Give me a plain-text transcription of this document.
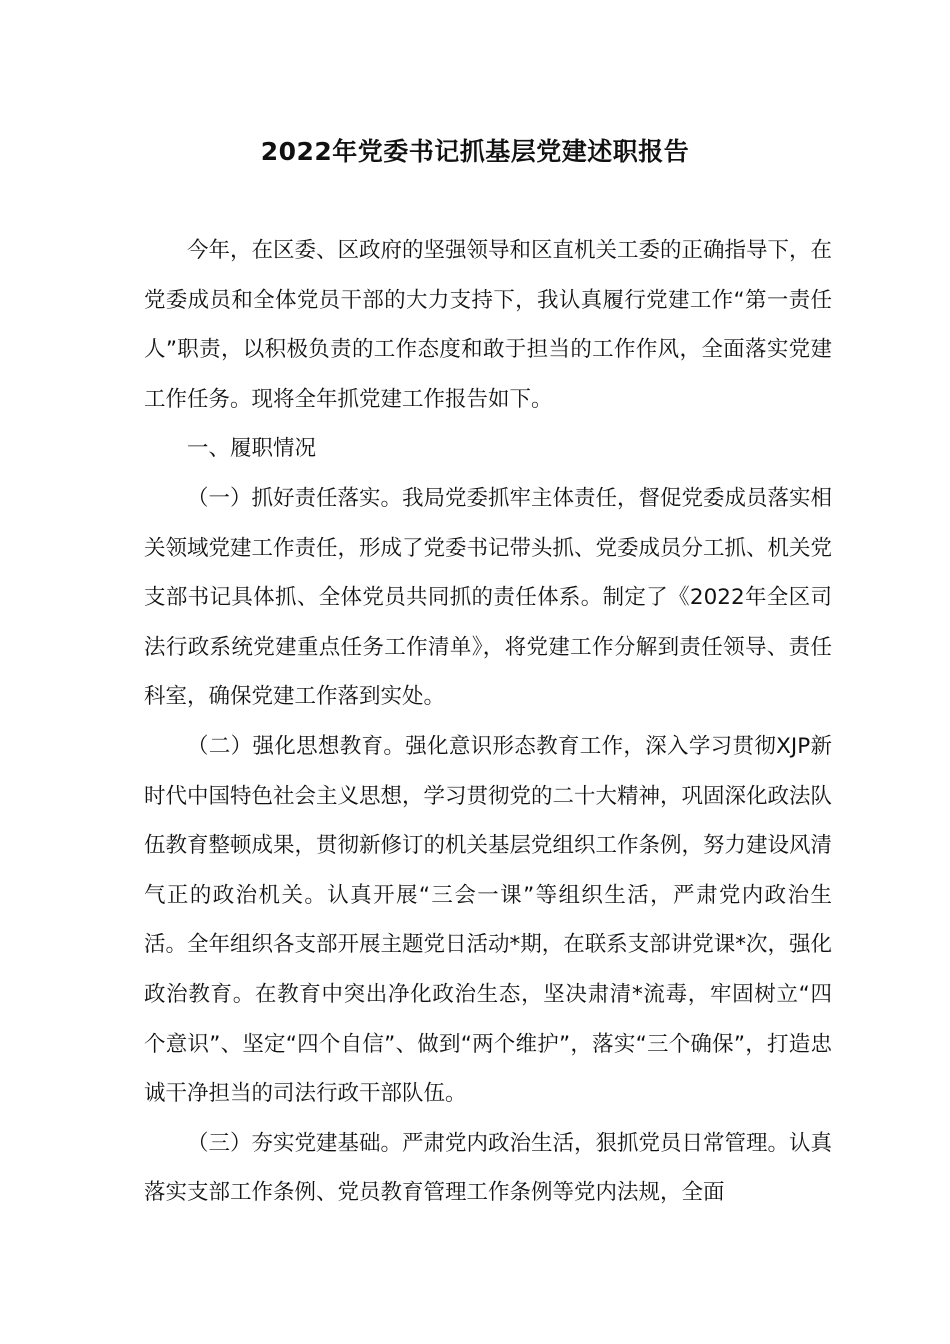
2022年党委书记抓基层党建述职报告

今年，在区委、区政府的坚强领导和区直机关工委的正确指导下，在党委成员和全体党员干部的大力支持下，我认真履行党建工作“第一责任人”职责，以积极负责的工作态度和敢于担当的工作作风，全面落实党建工作任务。现将全年抓党建工作报告如下。

一、履职情况

（一）抓好责任落实。我局党委抓牢主体责任，督促党委成员落实相关领域党建工作责任，形成了党委书记带头抓、党委成员分工抓、机关党支部书记具体抓、全体党员共同抓的责任体系。制定了《2022年全区司法行政系统党建重点任务工作清单》，将党建工作分解到责任领导、责任科室，确保党建工作落到实处。

（二）强化思想教育。强化意识形态教育工作，深入学习贯彻XJP新时代中国特色社会主义思想，学习贯彻党的二十大精神，巩固深化政法队伍教育整顿成果，贯彻新修订的机关基层党组织工作条例，努力建设风清气正的政治机关。认真开展“三会一课”等组织生活，严肃党内政治生活。全年组织各支部开展主题党日活动*期，在联系支部讲党课*次，强化政治教育。在教育中突出净化政治生态，坚决肃清*流毒，牢固树立“四个意识”、坚定“四个自信”、做到“两个维护”，落实“三个确保”，打造忠诚干净担当的司法行政干部队伍。

（三）夯实党建基础。严肃党内政治生活，狠抓党员日常管理。认真落实支部工作条例、党员教育管理工作条例等党内法规，全面
